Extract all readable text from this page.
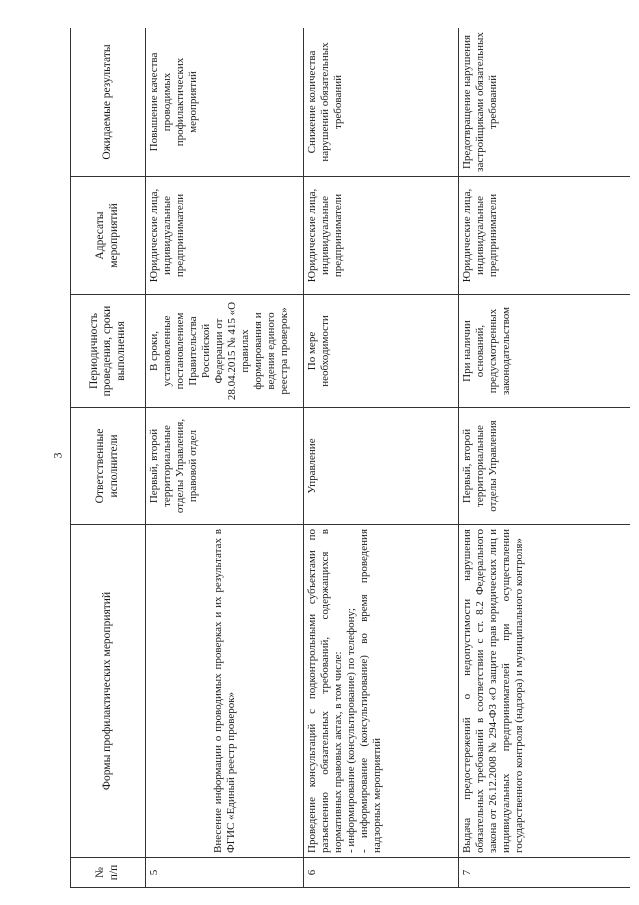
3
№ п/п	Формы профилактических мероприятий	Ответственные исполнители	Периодичность проведения, сроки выполнения	Адресаты мероприятий	Ожидаемые результаты
5	Внесение информации о проводимых проверках и их результатах в ФГИС «Единый реестр проверок»	Первый, второй территориальные отделы Управления, правовой отдел	В сроки, установленные постановлением Правительства Российской Федерации от 28.04.2015 № 415 «О правилах формирования и ведения единого реестра проверок»	Юридические лица, индивидуальные предприниматели	Повышение качества проводимых профилактических мероприятий
6	Проведение консультаций с подконтрольными субъектами по разъяснению обязательных требований, содержащихся в нормативных правовых актах, в том числе: - информирование (консультирование) по телефону; - информирование (консультирование) во время проведения надзорных мероприятий	Управление	По мере необходимости	Юридические лица, индивидуальные предприниматели	Снижение количества нарушений обязательных требований
7	Выдача предостережений о недопустимости нарушения обязательных требований в соответствии с ст. 8.2 Федерального закона от 26.12.2008 № 294-ФЗ «О защите прав юридических лиц и индивидуальных предпринимателей при осуществлении государственного контроля (надзора) и муниципального контроля»	Первый, второй территориальные отделы Управления	При наличии оснований, предусмотренных законодательством	Юридические лица, индивидуальные предприниматели	Предотвращение нарушения застройщиками обязательных требований
